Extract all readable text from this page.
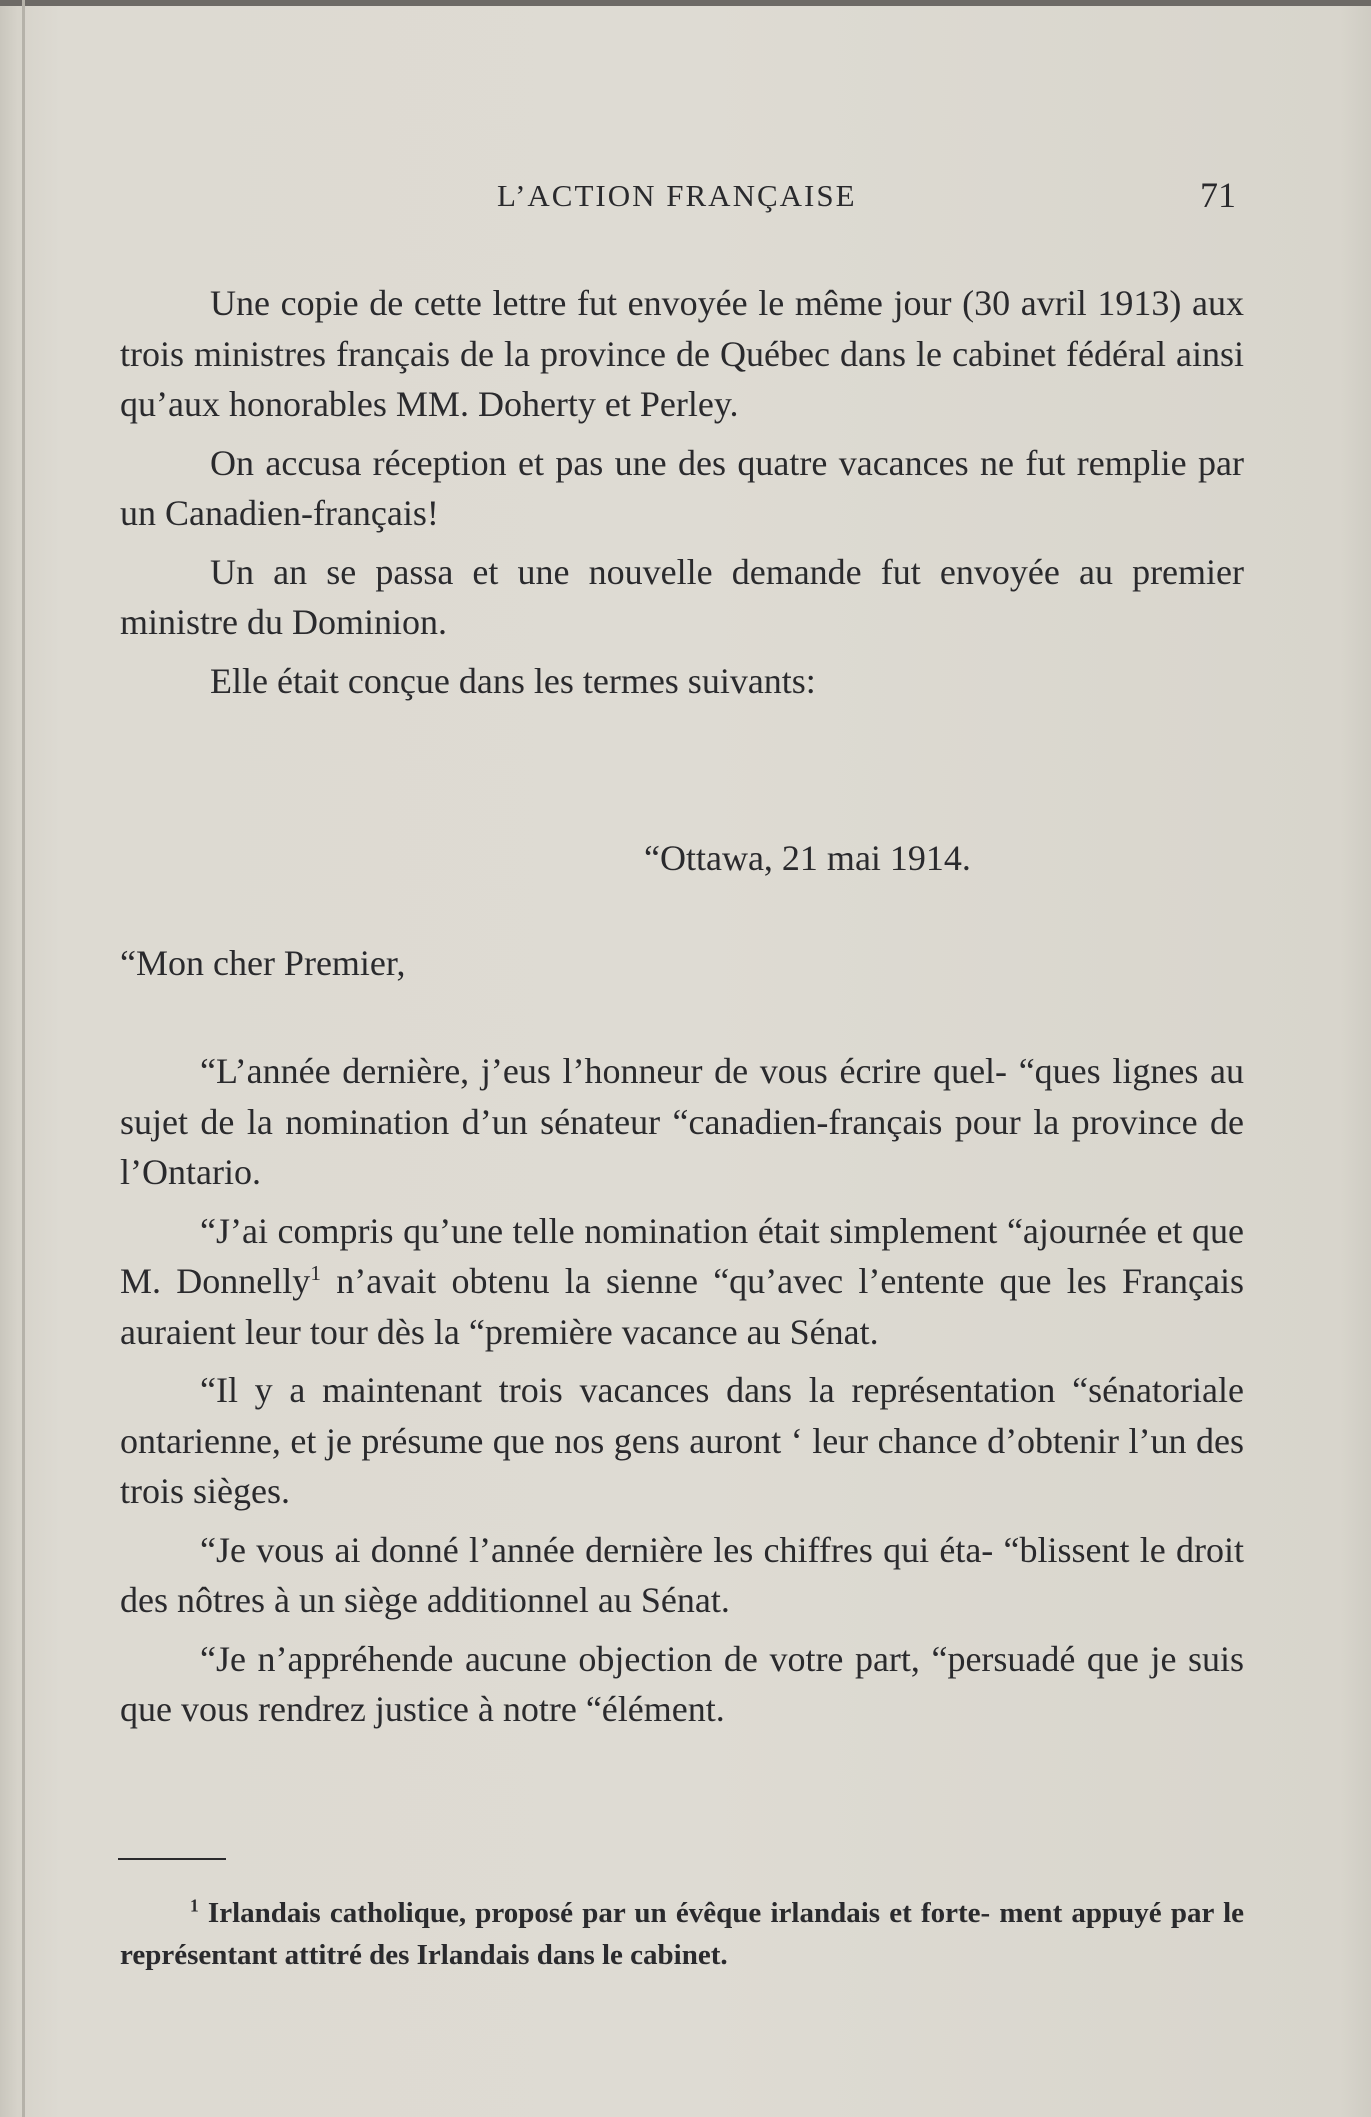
L’ACTION FRANÇAISE	71

Une copie de cette lettre fut envoyée le même jour (30 avril 1913) aux trois ministres français de la province de Québec dans le cabinet fédéral ainsi qu’aux honorables MM. Doherty et Perley.

On accusa réception et pas une des quatre vacances ne fut remplie par un Canadien-français!

Un an se passa et une nouvelle demande fut envoyée au premier ministre du Dominion.

Elle était conçue dans les termes suivants:

“Ottawa, 21 mai 1914.
“Mon cher Premier,

“L’année dernière, j’eus l’honneur de vous écrire quel- “ques lignes au sujet de la nomination d’un sénateur “canadien-français pour la province de l’Ontario.

“J’ai compris qu’une telle nomination était simplement “ajournée et que M. Donnelly$^1$ n’avait obtenu la sienne “qu’avec l’entente que les Français auraient leur tour dès la “première vacance au Sénat.

“Il y a maintenant trois vacances dans la représentation “sénatoriale ontarienne, et je présume que nos gens auront ‘ leur chance d’obtenir l’un des trois sièges.

“Je vous ai donné l’année dernière les chiffres qui éta- “blissent le droit des nôtres à un siège additionnel au Sénat.

“Je n’appréhende aucune objection de votre part, “persuadé que je suis que vous rendrez justice à notre “élément.

$^1$ Irlandais catholique, proposé par un évêque irlandais et forte- ment appuyé par le représentant attitré des Irlandais dans le cabinet.
